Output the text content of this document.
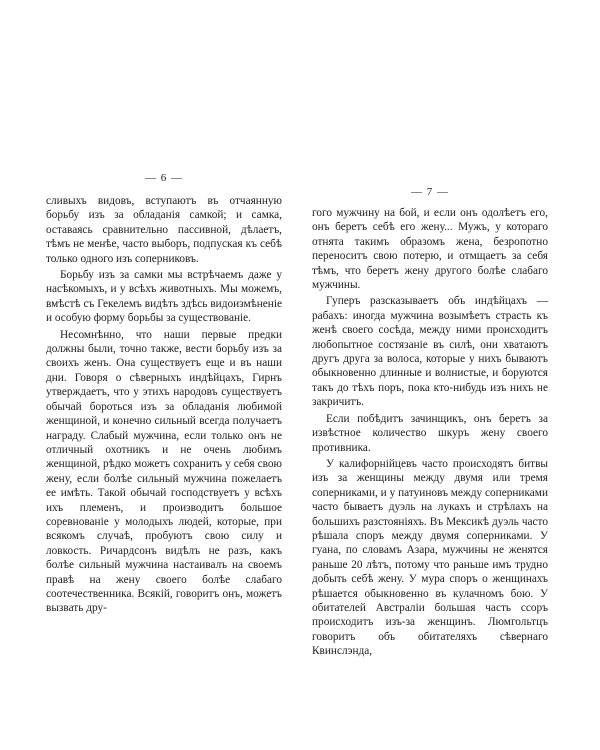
— 6 —

сливыхъ видовъ, вступаютъ въ отчаянную борьбу изъ за обладанія самкой; и самка, оставаясь сравнительно пассивной, дѣлаетъ, тѣмъ не менѣе, часто выборъ, подпуская къ себѣ только одного изъ соперниковъ.

Борьбу изъ за самки мы встрѣчаемъ даже у насѣкомыхъ, и у всѣхъ животныхъ. Мы можемъ, вмѣстѣ съ Гекелемъ видѣть здѣсь видоизмѣненіе и особую форму борьбы за существованіе.

Несомнѣнно, что наши первые предки должны были, точно также, вести борьбу изъ за своихъ женъ. Она существуетъ еще и въ наши дни. Говоря о сѣверныхъ индѣйцахъ, Гирнъ утверждаетъ, что у этихъ народовъ существуетъ обычай бороться изъ за обладанія любимой женщиной, и конечно сильный всегда получаетъ награду. Слабый мужчина, если только онъ не отличный охотникъ и не очень любимъ женщиной, рѣдко можетъ сохранить у себя свою жену, если болѣе сильный мужчина пожелаетъ ее имѣть. Такой обычай господствуетъ у всѣхъ ихъ племенъ, и производитъ большое соревнованіе у молодыхъ людей, которые, при всякомъ случаѣ, пробуютъ свою силу и ловкость. Ричардсонъ видѣлъ не разъ, какъ болѣе сильный мужчина настаивалъ на своемъ правѣ на жену своего болѣе слабаго соотечественника. Всякій, говоритъ онъ, можетъ вызвать дру-

— 7 —

гого мужчину на бой, и если онъ одолѣетъ его, онъ беретъ себѣ его жену... Мужъ, у котораго отнята такимъ образомъ жена, безропотно переноситъ свою потерю, и отмщаетъ за себя тѣмъ, что беретъ жену другого болѣе слабаго мужчины.

Гуперъ разсказываетъ объ индѣйцахъ — рабахъ: иногда мужчина возымѣетъ страсть къ женѣ своего сосѣда, между ними происходитъ любопытное состязаніе въ силѣ, они хватаютъ другъ друга за волоса, которые у нихъ бываютъ обыкновенно длинные и волнистые, и боруются такъ до тѣхъ поръ, пока кто-нибудь изъ нихъ не закричитъ.

Если побѣдитъ зачинщикъ, онъ беретъ за извѣстное количество шкуръ жену своего противника.

У калифорнійцевъ часто происходятъ битвы изъ за женщины между двумя или тремя соперниками, и у патуиновъ между соперниками часто бываетъ дуэль на лукахъ и стрѣлахъ на большихъ разстояніяхъ. Въ Мексикѣ дуэль часто рѣшала споръ между двумя соперниками. У гуана, по словамъ Азара, мужчины не женятся раньше 20 лѣтъ, потому что раньше имъ трудно добыть себѣ жену. У мура споръ о женщинахъ рѣшается обыкновенно въ кулачномъ бою. У обитателей Австраліи большая часть ссоръ происходитъ изъ-за женщинъ. Люмгольтцъ говоритъ объ обитателяхъ сѣвернаго Квинслэнда,
